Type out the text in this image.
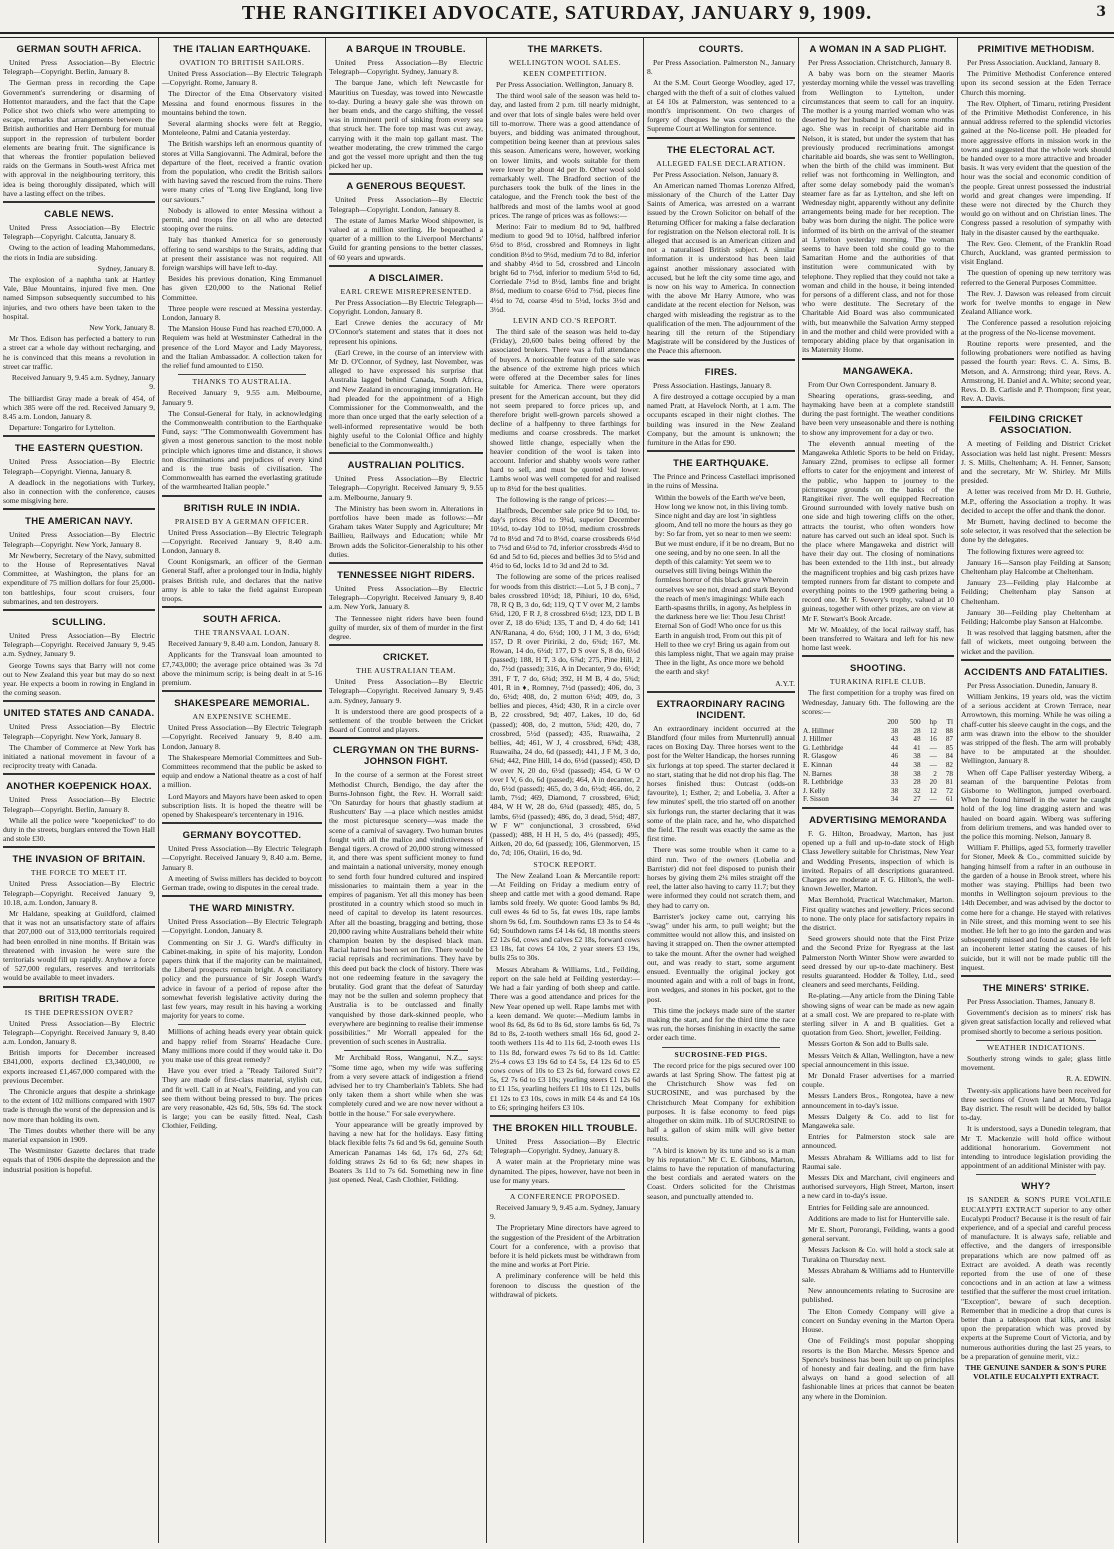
THE RANGITIKEI ADVOCATE, SATURDAY, JANUARY 9, 1909.	3
GERMAN SOUTH AFRICA.

United Press Association—By Electric Telegraph—Copyright. Berlin, January 8.

The German press in recording the Cape Government's surrendering or disarming of Hottentot marauders, and the fact that the Cape Police shot two chiefs who were attempting to escape, remarks that arrangements between the British authorities and Herr Dernburg for mutual support in the repression of turbulent border elements are bearing fruit. The significance is that whereas the frontier population believed raids on the Germans in South-west Africa met with approval in the neighbouring territory, this idea is being thoroughly dissipated, which will have a lasting effect on the tribes.

CABLE NEWS.

United Press Association—By Electric Telegraph—Copyright. Calcutta, January 8.

Owing to the action of leading Mahommedans, the riots in India are subsiding.

Sydney, January 8.

The explosion of a naphtha tank at Hartley Vale, Blue Mountains, injured five men. One named Simpson subsequently succumbed to his injuries, and two others have been taken to the hospital.

New York, January 8.

Mr Thos. Edison has perfected a battery to run a street car a whole day without recharging, and he is convinced that this means a revolution in street car traffic.

Received January 9, 9.45 a.m. Sydney, January 9.

The billiardist Gray made a break of 454, of which 385 were off the red. Received January 9, 8.45 a.m. London, January 8.

Departure: Tongariro for Lyttelton.

THE EASTERN QUESTION.

United Press Association—By Electric Telegraph—Copyright. Vienna, January 8.

A deadlock in the negotiations with Turkey, also in connection with the conference, causes some misgiving here.

THE AMERICAN NAVY.

United Press Association—By Electric Telegraph—Copyright. New York, January 8.

Mr Newberry, Secretary of the Navy, submitted to the House of Representatives Naval Committee, at Washington, the plans for an expenditure of 75 million dollars for four 25,000-ton battleships, four scout cruisers, four submarines, and ten destroyers.

SCULLING.

United Press Association—By Electric Telegraph—Copyright. Received January 9, 9.45 a.m. Sydney, January 9.

George Towns says that Barry will not come out to New Zealand this year but may do so next year. He expects a boom in rowing in England in the coming season.

UNITED STATES AND CANADA.

United Press Association—By Electric Telegraph—Copyright. New York, January 8.

The Chamber of Commerce at New York has initiated a national movement in favour of a reciprocity treaty with Canada.

ANOTHER KOEPENICK HOAX.

United Press Association—By Electric Telegraph—Copyright. Berlin, January 8.

While all the police were "koepenicked" to do duty in the streets, burglars entered the Town Hall and stole £30.

THE INVASION OF BRITAIN.
THE FORCE TO MEET IT.

United Press Association—By Electric Telegraph—Copyright. Received January 9, 10.18, a.m. London, January 8.

Mr Haldane, speaking at Guildford, claimed that it was not an unsatisfactory state of affairs that 207,000 out of 313,000 territorials required had been enrolled in nine months. If Britain was threatened with invasion he were sure the territorials would fill up rapidly. Anyhow a force of 527,000 regulars, reserves and territorials would be available to meet invaders.

BRITISH TRADE.
IS THE DEPRESSION OVER?

United Press Association—By Electric Telegraph—Copyright. Received January 9, 8.40 a.m. London, January 8.

British imports for December increased £841,000, exports declined £3,340,000, re exports increased £1,467,000 compared with the previous December.

The Chronicle argues that despite a shrinkage to the extent of 102 millions compared with 1907 trade is through the worst of the depression and is now more than holding its own.

The Times doubts whether there will be any material expansion in 1909.

The Westminster Gazette declares that trade equals that of 1906 despite the depression and the industrial position is hopeful.

THE ITALIAN EARTHQUAKE.
OVATION TO BRITISH SAILORS.

United Press Association—By Electric Telegraph—Copyright. Rome, January 8.

The Director of the Etna Observatory visited Messina and found enormous fissures in the mountains behind the town.

Several alarming shocks were felt at Reggio, Monteleone, Palmi and Catania yesterday.

The British warships left an enormous quantity of stores at Villa Sangiovanni. The Admiral, before the departure of the fleet, received a frantic ovation from the population, who credit the British sailors with having saved the rescued from the ruins. There were many cries of "Long live England, long live our saviours."

Nobody is allowed to enter Messina without a permit, and troops fire on all who are detected stooping over the ruins.

Italy has thanked America for so generously offering to send warships to the Straits, adding that at present their assistance was not required. All foreign warships will have left to-day.

Besides his previous donation, King Emmanuel has given £20,000 to the National Relief Committee.

Three people were rescued at Messina yesterday. London, January 8.

The Mansion House Fund has reached £70,000. A Requiem was held at Westminster Cathedral in the presence of the Lord Mayor and Lady Mayoress, and the Italian Ambassador. A collection taken for the relief fund amounted to £150.

THANKS TO AUSTRALIA.

Received January 9, 9.55 a.m. Melbourne, January 9.

The Consul-General for Italy, in acknowledging the Commonwealth contribution to the Earthquake Fund, says: "The Commonwealth Government has given a most generous sanction to the most noble principle which ignores time and distance, it shows non discriminations and prejudices of every kind and is the true basis of civilisation. The Commonwealth has earned the everlasting gratitude of the warmhearted Italian people."

BRITISH RULE IN INDIA.
PRAISED BY A GERMAN OFFICER.

United Press Association—By Electric Telegraph—Copyright. Received January 9, 8.40 a.m. London, January 8.

Count Konigsmark, an officer of the German General Staff, after a prolonged tour in India, highly praises British rule, and declares that the native army is able to take the field against European troops.

SOUTH AFRICA.
THE TRANSVAAL LOAN.

Received January 9, 8.40 a.m. London, January 8.

Applicants for the Transvaal loan amounted to £7,743,000; the average price obtained was 3s 7d above the minimum scrip; is being dealt in at 5-16 premium.

SHAKESPEARE MEMORIAL.
AN EXPENSIVE SCHEME.

United Press Association—By Electric Telegraph—Copyright. Received January 9, 8.40 a.m. London, January 8.

The Shakespeare Memorial Committees and Sub-Committees recommend that the public be asked to equip and endow a National theatre as a cost of half a million.

Lord Mayors and Mayors have been asked to open subscription lists. It is hoped the theatre will be opened by Shakespeare's tercentenary in 1916.

GERMANY BOYCOTTED.

United Press Association—By Electric Telegraph—Copyright. Received January 9, 8.40 a.m. Berne, January 8.

A meeting of Swiss millers has decided to boycott German trade, owing to disputes in the cereal trade.

THE WARD MINISTRY.

United Press Association—By Electric Telegraph—Copyright. London, January 8.

Commenting on Sir J. G. Ward's difficulty in Cabinet-making, in spite of his majority, London papers think that if the majority can be maintained, the Liberal prospects remain bright. A conciliatory policy and the pursuance of Sir Joseph Ward's advice in favour of a period of repose after the somewhat feverish legislative activity during the last few years, may result in his having a working majority for years to come.

Millions of aching heads every year obtain quick and happy relief from Stearns' Headache Cure. Many millions more could if they would take it. Do you make use of this great remedy?

Have you ever tried a "Ready Tailored Suit"? They are made of first-class material, stylish cut, and fit well. Call in at Neal's, Feilding, and you can see them without being pressed to buy. The prices are very reasonable, 42s 6d, 50s, 59s 6d. The stock is large; you can be easily fitted. Neal, Cash Clothier, Feilding.

A BARQUE IN TROUBLE.

United Press Association—By Electric Telegraph—Copyright. Sydney, January 8.

The barque Jane, which left Newcastle for Mauritius on Tuesday, was towed into Newcastle to-day. During a heavy gale she was thrown on her beam ends, and the cargo shifting, the vessel was in imminent peril of sinking from every sea that struck her. The fore top mast was cut away, carrying with it the main top gallant mast. The weather moderating, the crew trimmed the cargo and got the vessel more upright and then the tug picked her up.

A GENEROUS BEQUEST.

United Press Association—By Electric Telegraph—Copyright. London, January 8.

The estate of James Marke Wood shipowner, is valued at a million sterling. He bequeathed a quarter of a million to the Liverpool Merchants' Guild for granting pensions to the better classes, of 60 years and upwards.

A DISCLAIMER.
EARL CREWE MISREPRESENTED.

Per Press Association—By Electric Telegraph—Copyright. London, January 8.

Earl Crewe denies the accuracy of Mr O'Connor's statement and states that it does not represent his opinions.

(Earl Crewe, in the course of an interview with Mr D. O'Connor, of Sydney, last November, was alleged to have expressed his surprise that Australia lagged behind Canada, South Africa, and New Zealand in encouraging immigration. He had pleaded for the appointment of a High Commissioner for the Commonwealth, and the more than once urged that the early selection of a well-informed representative would be both highly useful to the Colonial Office and highly beneficial to the Commonwealth.)

AUSTRALIAN POLITICS.

United Press Association—By Electric Telegraph—Copyright. Received January 9, 9.55 a.m. Melbourne, January 9.

The Ministry has been sworn in. Alterations in portfolios have been made as follows:—Mr Graham takes Water Supply and Agriculture; Mr Baillieu, Railways and Education; while Mr Brown adds the Solicitor-Generalship to his other duties.

TENNESSEE NIGHT RIDERS.

United Press Association—By Electric Telegraph—Copyright. Received January 9, 8.40 a.m. New York, January 8.

The Tennessee night riders have been found guilty of murder, six of them of murder in the first degree.

CRICKET.
THE AUSTRALIAN TEAM.

United Press Association—By Electric Telegraph—Copyright. Received January 9, 9.45 a.m. Sydney, January 9.

It is understood there are good prospects of a settlement of the trouble between the Cricket Board of Control and players.

CLERGYMAN ON THE BURNS-JOHNSON FIGHT.

In the course of a sermon at the Forest street Methodist Church, Bendigo, the day after the Burns-Johnson fight, the Rev. H. Worrall said: "On Saturday for hours that ghastly stadium at Rushcutters' Bay —a place which nestles amidst the most picturesque scenery—was made the scene of a carnival of savagery. Two human brutes fought with all the malice and vindictiveness of Bengal tigers. A crowd of 20,000 strong witnessed it, and there was spent sufficient money to fund and maintain a national university, money enough to send forth four hundred cultured and inspired missionaries to maintain them a year in the empires of paganism. Yet all this money has been prostituted in a country which stood so much in need of capital to develop its latent resources. After all the boasting, bragging and betting, those 20,000 raving white Australians beheld their white champion beaten by the despised black man. Racial hatred has been set on fire. There would be racial reprisals and recriminations. They have by this deed put back the clock of history. There was not one redeeming feature in the savagery the brutality. God grant that the defeat of Saturday may not be the sullen and solemn prophecy that Australia is to be outclassed and finally vanquished by those dark-skinned people, who everywhere are beginning to realise their immense possibilities." Mr Worrall appealed for the prevention of such scenes in Australia.

Mr Archibald Ross, Wanganui, N.Z., says: "Some time ago, when my wife was suffering from a very severe attack of indigestion a friend advised her to try Chamberlain's Tablets. She had only taken them a short while when she was completely cured and we are now never without a bottle in the house." For sale everywhere.

Your appearance will be greatly improved by having a new hat for the holidays. Easy fitting black flexible felts 7s 6d and 9s 6d, genuine South American Panamas 14s 6d, 17s 6d, 27s 6d; folding straws 2s 6d to 6s 6d; new shapes in Boaters 3s 11d to 7s 6d. Something new in fine just opened. Neal, Cash Clothier, Feilding.

THE MARKETS.
WELLINGTON WOOL SALES.
KEEN COMPETITION.

Per Press Association. Wellington, January 8.

The third wool sale of the season was held to-day, and lasted from 2 p.m. till nearly midnight, and over that lots of single bales were held over till to-morrow. There was a good attendance of buyers, and bidding was animated throughout, competition being keener than at previous sales this season. Americans were, however, working on lower limits, and wools suitable for them were lower by about 4d per lb. Other wool sold remarkably well. The Bradford section of the purchasers took the bulk of the lines in the catalogue, and the French took the best of the halfbreds and most of the lambs wool at good prices. The range of prices was as follows:—

Merino: Fair to medium 8d to 9d, halfbred medium to good 9d to 10½d, halfbred inferior 6½d to 8½d, crossbred and Romneys in light condition 8½d to 9½d, medium 7d to 8d, inferior and shabby 4½d to 5d, crossbred and Lincoln bright 6d to 7½d, inferior to medium 5½d to 6d, Corriedale 7½d to 8½d, lambs fine and bright 8½d, medium to coarse 6½d to 7½d, pieces fine 4½d to 7d, coarse 4½d to 5½d, locks 3½d and 3½d.

LEVIN AND CO.'S REPORT.

The third sale of the season was held to-day (Friday), 20,600 bales being offered by the associated brokers. There was a full attendance of buyers. A noticeable feature of the sale was the absence of the extreme high prices which were offered at the December sales for lines suitable for America. There were operators present for the American account, but they did not seem prepared to force prices up, and therefore bright well-grown parcels showed a decline of a halfpenny to three farthings for mediums and coarse crossbreds. The market showed little change, especially when the heavier condition of the wool is taken into account. Inferior and shabby wools were rather hard to sell, and must be quoted ¼d lower. Lambs wool was well competed for and realised up to 8½d for the best qualities.

The following is the range of prices:—

Halfbreds, December sale price 9d to 10d, to-day's prices 8¾d to 9¾d, superior December 10½d, to-day 10d to 10½d, medium crossbreds 7d to 8½d and 7d to 8½d, coarse crossbreds 6½d to 7½d and 6½d to 7d, inferior crossbreds 4½d to 6d and 5d to 6d, pieces and bellies 3d to 5½d and 4½d to 6d, locks 1d to 3d and 2d to 3d.

The following are some of the prices realised for woods from this district:—Lot 5, J B conj., 7 bales crossbred 10½d; 18, Pihiuri, 10 do, 6¾d, 78, R Q B, 3 do, 6d; 119, Q T V over M, 2 lambs 6¾d, 120, F R J, 8 crossbred 6½d; 123, DD L B over Z, 18 do 6¾d; 135, T and D, 4 do 6d; 141 AN/Ranana, 4 do, 6½d; 100, J I M, 3 do, 6½d; 157, D R over Piririki, 2 do, 6¾d; 167, Mt. Rowan, 14 do, 6½d; 177, D S over S, 8 do, 6½d (passed); 188, H T, 3 do, 6⅞d; 275, Pine Hill, 2 do, 7½d (passed); 316, A in Decanter, 9 do, 6½d; 391, F T, 7 do, 6¾d; 392, H M B, 4 do, 5¾d; 401, R in ♦, Romney, 7½d (passed); 406, do, 3 do, 6½d; 408, do, 2 mutton 6½d; 409, do, 3 bellies and pieces, 4¾d; 430, R in a circle over B, 22 crossbred, 9d; 407, Lakes, 10 do, 6d (passed); 408, do, 2 mutton, 5¾d; 420, do, 7 crossbred, 5½d (passed); 435, Ruawaiha, 2 bellies, 4d; 461, W J, 4 crossbred, 6⅜d; 438, Ruawaiha, 24 do, 6d (passed); 441, J F M, 3 do, 6⅜d; 442, Pine Hill, 14 do, 6½d (passed); 450, D W over N, 20 do, 6½d (passed); 454, G W O over I V, 6 do, 6d (passed); 464, A in decanter, 2 do, 6½d (passed); 465, do, 3 do, 6½d; 466, do, 2 lamb, 7½d; 469, Diamond, 7 crossbred, 6¾d; 484, W H W, 28 do, 6¾d (passed); 485, do, 5 lambs, 6½d (passed); 486, do, 3 dead, 5½d; 487, W F W" conjunctional, 3 crossbred, 6⅛d (passed); 488, H H H, 5 do, 4½ (passed); 495, Aitken, 20 do, 6d (passed); 106, Glenmorven, 15 do, 7d; 106, Otaiiri, 16 do, 9d.

STOCK REPORT.

The New Zealand Loan & Mercantile report:—At Feilding on Friday a medium entry of sheep and cattle met with a good demand. Rape lambs sold freely. We quote: Good lambs 9s 8d, cull ewes 4s 6d to 5s, fat ewes 10s, rape lambs shorn 9s 6d, f.m. Southdown rams £3 3s to £4 4s 6d; Southdown rams £4 14s 6d, 18 months steers £2 12s 6d, cows and calves £2 18s, forward cows £3 18s, fat cows £4 10s, 2 year steers £3 19s, bulls 25s to 30s.

Messrs Abraham & Williams, Ltd., Feilding, report on the sale held at Feilding yesterday:—We had a fair yarding of both sheep and cattle. There was a good attendance and prices for the New Year opened up well. Rape lambs met with a keen demand. We quote:—Medium lambs in wool 8s 6d, 8s 6d to 8s 6d, store lambs 6s 6d, 7s 8d to 8s, 2-tooth wethers small 16s 6d, good 2-tooth wethers 11s 4d to 11s 6d, 2-tooth ewes 11s to 11s 8d, forward ewes 7s 6d to 8s 1d. Cattle: 2½-4 cows £3 19s 6d to £4 5s, £4 12s 6d to £5 cows cows of 10s to £3 2s 6d, forward cows £2 5s, £2 7s 6d to £3 10s; yearling steers £1 12s 6d to £1 15s, yearling heifers £1 10s to £1 12s, bulls £1 12s to £3 10s, cows in milk £4 4s and £4 10s to £6; springing heifers £3 10s.

THE BROKEN HILL TROUBLE.

United Press Association—By Electric Telegraph—Copyright. Sydney, January 8.

A water main at the Proprietary mine was dynamited. The pipes, however, have not been in use for many years.

A CONFERENCE PROPOSED.

Received January 9, 9.45 a.m. Sydney, January 9.

The Proprietary Mine directors have agreed to the suggestion of the President of the Arbitration Court for a conference, with a proviso that before it is held pickets must be withdrawn from the mine and works at Port Pirie.

A preliminary conference will be held this forenoon to discuss the question of the withdrawal of pickets.

COURTS.

Per Press Association. Palmerston N., January 8.

At the S.M. Court George Woodley, aged 17, charged with the theft of a suit of clothes valued at £4 10s at Palmerston, was sentenced to a month's imprisonment. On two charges of forgery of cheques he was committed to the Supreme Court at Wellington for sentence.

THE ELECTORAL ACT.
ALLEGED FALSE DECLARATION.

Per Press Association. Nelson, January 8.

An American named Thomas Lorenzo Alfred, missionary of the Church of the Latter Day Saints of America, was arrested on a warrant issued by the Crown Solicitor on behalf of the Returning Officer for making a false declaration for registration on the Nelson electoral roll. It is alleged that accused is an American citizen and not a naturalised British subject. A similar information it is understood has been laid against another missionary associated with accused, but he left the city some time ago, and is now on his way to America. In connection with the above Mr Harry Atmore, who was candidate at the recent election for Nelson, was charged with misleading the registrar as to the qualification of the men. The adjournment of the hearing till the return of the Stipendiary Magistrate will be considered by the Justices of the Peace this afternoon.

FIRES.

Press Association. Hastings, January 8.

A fire destroyed a cottage occupied by a man named Pratt, at Havelock North, at 1 a.m. The occupants escaped in their night clothes. The building was insured in the New Zealand Company, but the amount is unknown; the furniture in the Atlas for £90.

THE EARTHQUAKE.

The Prince and Princess Castellaci imprisoned in the ruins of Messina.

Within the bowels of the Earth we've been, How long we know not, in this living tomb. Since night and day are lost 'in sightless gloom, And tell no more the hours as they go by: So far from, yet so near to men we seem: But we must endure, if it be no dream, But no one seeing, and by no one seen. In all the depth of this calamity: Yet seem we to ourselves still living beings Within the formless horror of this black grave Wherein ourselves we see not, dread and stark Beyond the reach of men's imaginings: While each Earth-spasms thrills, in agony, As helpless in the darkness here we lie: Thou Jesu Christ! Eternal Son of God! Who once for us this Earth in anguish trod, From out this pit of Hell to thee we cry! Bring us again from out this lampless night, That we again may praise Thee in the light, As once more we behold the earth and sky!

A.Y.T.

EXTRAORDINARY RACING INCIDENT.

An extraordinary incident occurred at the Blandford (four miles from Murtenrull) annual races on Boxing Day. Three horses went to the post for the Welter Handicap, the horses running six furlongs at top speed. The starter declared it no start, stating that he did not drop his flag. The horses finished thus: Outcast (odds-on favourite), 1; Esther, 2; and Lobelia, 3. After a few minutes' spell, the trio started off on another six furlongs run, the starter declaring that it was some of the plain race, and he, who dispatched the field. The result was exactly the same as the first time.

There was some trouble when it came to a third run. Two of the owners (Lobelia and Barrister) did not feel disposed to punish their horses by giving them 2¼ miles straight off the reel, the latter also having to carry 11.7; but they were informed they could not scratch them, and they had to carry on.

Barrister's jockey came out, carrying his "swag" under his arm, to pull weight; but the committee would not allow this, and insisted on having it strapped on. Then the owner attempted to take the mount. After the owner had weighed out, and was ready to start, some argument ensued. Eventually the original jockey got mounted again and with a roll of bags in front, iron wedges, and stones in his pocket, got to the post.

This time the jockeys made sure of the starter making the start, and for the third time the race was run, the horses finishing in exactly the same order each time.

SUCROSINE-FED PIGS.

The record price for the pigs secured over 100 awards at last Spring Show. The fattest pig at the Christchurch Show was fed on SUCROSINE, and was purchased by the Christchurch Meat Company for exhibition purposes. It is false economy to feed pigs altogether on skim milk. 1lb of SUCROSINE to half a gallon of skim milk will give better results.

"A bird is known by its tune and so is a man by his reputation." Mr C. E. Gibbons, Marton, claims to have the reputation of manufacturing the best cordials and aerated waters on the Coast. Orders solicited for the Christmas season, and punctually attended to.

A WOMAN IN A SAD PLIGHT.

Per Press Association. Christchurch, January 8.

A baby was born on the steamer Maoris yesterday morning while the vessel was travelling from Wellington to Lyttelton, under circumstances that seem to call for an inquiry. The mother is a young married woman who was deserted by her husband in Nelson some months ago. She was in receipt of charitable aid in Nelson, it is stated, but under the system that has previously produced recriminations amongst charitable aid boards, she was sent to Wellington, when the birth of the child was imminent. But relief was not forthcoming in Wellington, and after some delay somebody paid the woman's steamer fare as far as Lyttelton, and she left on Wednesday night, apparently without any definite arrangements being made for her reception. The baby was born during the night. The police were informed of its birth on the arrival of the steamer at Lyttelton yesterday morning. The woman seems to have been told she could go to the Samaritan Home and the authorities of that institution were communicated with by telephone. They replied that they could not take a woman and child in the house, it being intended for persons of a different class, and not for those who were destitute. The Secretary of the Charitable Aid Board was also communicated with, but meanwhile the Salvation Army stepped in and the mother and child were provided with a temporary abiding place by that organisation in its Maternity Home.

MANGAWEKA.

From Our Own Correspondent. January 8.

Shearing operations, grass-seeding, and haymaking have been at a complete standstill during the past fortnight. The weather conditions have been very unseasonable and there is nothing to show any improvement for a day or two.

The eleventh annual meeting of the Mangaweka Athletic Sports to be held on Friday, January 22nd, promises to eclipse all former efforts to cater for the enjoyment and interest of the public, who happen to journey to the picturesque grounds on the banks of the Rangitikei river. The well equipped Recreation Ground surrounded with lovely native bush on one side and high towering cliffs on the other, attracts the tourist, who often wonders how nature has carved out such an ideal spot. Such is the place where Mangaweka and district will have their day out. The closing of nominations has been extended to the 11th inst., but already the magnificent trophies and big cash prizes have tempted runners from far distant to compete and everything points to the 1909 gathering being a record one. Mr F. Sowery's trophy, valued at 10 guineas, together with other prizes, are on view at Mr F. Stewart's Book Arcade.

Mr W. Moakley, of the local railway staff, has been transferred to Waitara and left for his new home last week.

SHOOTING.
TURAKINA RIFLE CLUB.

The first competition for a trophy was fired on Wednesday, January 6th. The following are the scores:—

	200	500	hp	Tl
A. Hillmer	38	28	12	88
J. Hillmer	43	48	16	87
G. Lethbridge	44	41	—	85
R. Glasgow	46	38	—	84
E. Kinnan	44	38	—	82
N. Barnes	38	38	2	78
R. Lethbridge	33	28	20	81
J. Kelly	38	32	12	72
F. Sisson	34	27	—	61
ADVERTISING MEMORANDA

F. G. Hilton, Broadway, Marton, has just opened up a full and up-to-date stock of High Class Jewellery suitable for Christmas, New Year and Wedding Presents, inspection of which is invited. Repairs of all descriptions guaranteed. Charges are moderate at F. G. Hilton's, the well-known Jeweller, Marton.

Max Bernhold, Practical Watchmaker, Marton. First quality watches and jewellery. Prices second to none. The only place for satisfactory repairs in the district.

Seed growers should note that the First Prize and the Second Prize for Ryegrass at the last Palmerston North Winter Show were awarded to seed dressed by our up-to-date machinery. Best results guaranteed. Hodder & Tolley, Ltd., seed cleaners and seed merchants, Feilding.

Re-plating.—Any article from the Dining Table showing signs of wear can be made as new again at a small cost. We are prepared to re-plate with sterling silver in A and B qualities. Get a quotation from Geo. Short, jeweller, Feilding.

Messrs Gorton & Son add to Bulls sale.

Messrs Veitch & Allan, Wellington, have a new special announcement in this issue.

Mr Donald Fraser advertises for a married couple.

Messrs Landers Bros., Rongotea, have a new announcement in to-day's issue.

Messrs Dalgety & Co. add to list for Mangaweka sale.

Entries for Palmerston stock sale are announced.

Messrs Abraham & Williams add to list for Raumai sale.

Messrs Dix and Marchant, civil engineers and authorised surveyors, High Street, Marton, insert a new card in to-day's issue.

Entries for Feilding sale are announced.

Additions are made to list for Hunterville sale.

Mr E. Short, Pororangi, Feilding, wants a good general servant.

Messrs Jackson & Co. will hold a stock sale at Turakina on Thursday next.

Messrs Abraham & Williams add to Hunterville sale.

New announcements relating to Sucrosine are published.

The Elton Comedy Company will give a concert on Sunday evening in the Marton Opera House.

One of Feilding's most popular shopping resorts is the Bon Marche. Messrs Spence and Spence's business has been built up on principles of honesty and fair dealing, and the firm have always on hand a good selection of all fashionable lines at prices that cannot be beaten any where in the Dominion.

PRIMITIVE METHODISM.

Per Press Association. Auckland, January 8.

The Primitive Methodist Conference entered upon its second session at the Eden Terrace Church this morning.

The Rev. Olphert, of Timaru, retiring President of the Primitive Methodist Conference, in his annual address referred to the splendid victories gained at the No-license poll. He pleaded for more aggressive efforts in mission work in the towns and suggested that the whole work should be handed over to a more attractive and broader basis. It was very evident that the question of the hour was the social and economic condition of the people. Great unrest possessed the industrial world and great changes were impending. If these were not directed by the Church they would go on without and on Christian lines. The Congress passed a resolution of sympathy with Italy in the disaster caused by the earthquake.

The Rev. Geo. Clement, of the Franklin Road Church, Auckland, was granted permission to visit England.

The question of opening up new territory was referred to the General Purposes Committee.

The Rev. J. Dawson was released from circuit work for twelve months to engage in New Zealand Alliance work.

The Conference passed a resolution rejoicing at the progress of the No-license movement.

Routine reports were presented, and the following probationers were notified as having passed the fourth year: Revs. C. A. Sims, B. Metson, and A. Armstrong; third year, Revs. A. Armstrong, H. Daniel and A. White; second year, Revs. D. B. Carlisle and P. Thompson; first year, Rev. A. Davis.

FEILDING CRICKET ASSOCIATION.

A meeting of Feilding and District Cricket Association was held last night. Present: Messrs J. S. Mills, Cheltenham; A. H. Fenner, Sanson; and the secretary, Mr W. Shirley. Mr Mills presided.

A letter was received from Mr D. H. Guthrie, M.P., offering the Association a trophy. It was decided to accept the offer and thank the donor.

Mr Burnett, having declined to become the sole selector, it was resolved that the selection be done by the delegates.

The following fixtures were agreed to:

January 16—Sanson play Feilding at Sanson; Cheltenham play Halcombe at Cheltenham.

January 23—Feilding play Halcombe at Feilding; Cheltenham play Sanson at Cheltenham.

January 30—Feilding play Cheltenham at Feilding; Halcombe play Sanson at Halcombe.

It was resolved that lagging batsmen, after the fall of wickets, meet outgoing between the wicket and the pavilion.

ACCIDENTS AND FATALITIES.

Per Press Association. Dunedin, January 8.

William Jenkins, 19 years old, was the victim of a serious accident at Crown Terrace, near Arrowtown, this morning. While he was oiling a chaff-cutter his sleeve caught in the cogs, and the arm was drawn into the elbow to the shoulder was stripped of the flesh. The arm will probably have to be amputated at the shoulder. Wellington, January 8.

When off Cape Palliser yesterday Wiberg, a seaman of the barquentine Pelotas from Gisborne to Wellington, jumped overboard. When he found himself in the water he caught hold of the log line dragging astern and was hauled on board again. Wiberg was suffering from delirium tremens, and was handed over to the police this morning. Nelson, January 8.

William F. Phillips, aged 53, formerly traveller for Stoner, Meek & Co., committed suicide by hanging himself from a rafter in an outhouse in the garden of a house in Brook street, where his mother was staying. Phillips had been two months in Wellington sojourn previous to the 14th December, and was advised by the doctor to come here for a change. He stayed with relatives in Nile street, and this morning went to see his mother. He left her to go into the garden and was subsequently missed and found as stated. He left an incoherent letter stating the causes of his suicide, but it will not be made public till the inquest.

THE MINERS' STRIKE.

Per Press Association. Thames, January 8.

Government's decision as to miners' risk has given great satisfaction locally and relieved what promised shortly to become a serious position.

WEATHER INDICATIONS.

Southerly strong winds to gale; glass little movement.

R. A. EDWIN.

Twenty-six applications have been received for three sections of Crown land at Motu, Tolaga Bay district. The result will be decided by ballot to-day.

It is understood, says a Dunedin telegram, that Mr T. Mackenzie will hold office without additional honorarium. Government not intending to introduce legislation providing the appointment of an additional Minister with pay.

WHY?

IS SANDER & SON'S PURE VOLATILE EUCALYPTI EXTRACT superior to any other Eucalypti Product? Because it is the result of fair experience, and of a special and careful process of manufacture. It is always safe, reliable and effective, and the dangers of irresponsible preparations which are now palmed off as Extract are avoided. A death was recently reported from the use of one of these concoctions and in an action at law a witness testified that the sufferer the most cruel irritation. "Exception", beware of such deception. Remember that in medicine a drop that cures is better than a tablespoon that kills, and insist upon the preparation which was proved by experts at the Supreme Court of Victoria, and by numerous authorities during the last 25 years, to be a preparation of genuine merit, viz.:

THE GENUINE SANDER & SON'S PURE VOLATILE EUCALYPTI EXTRACT.
